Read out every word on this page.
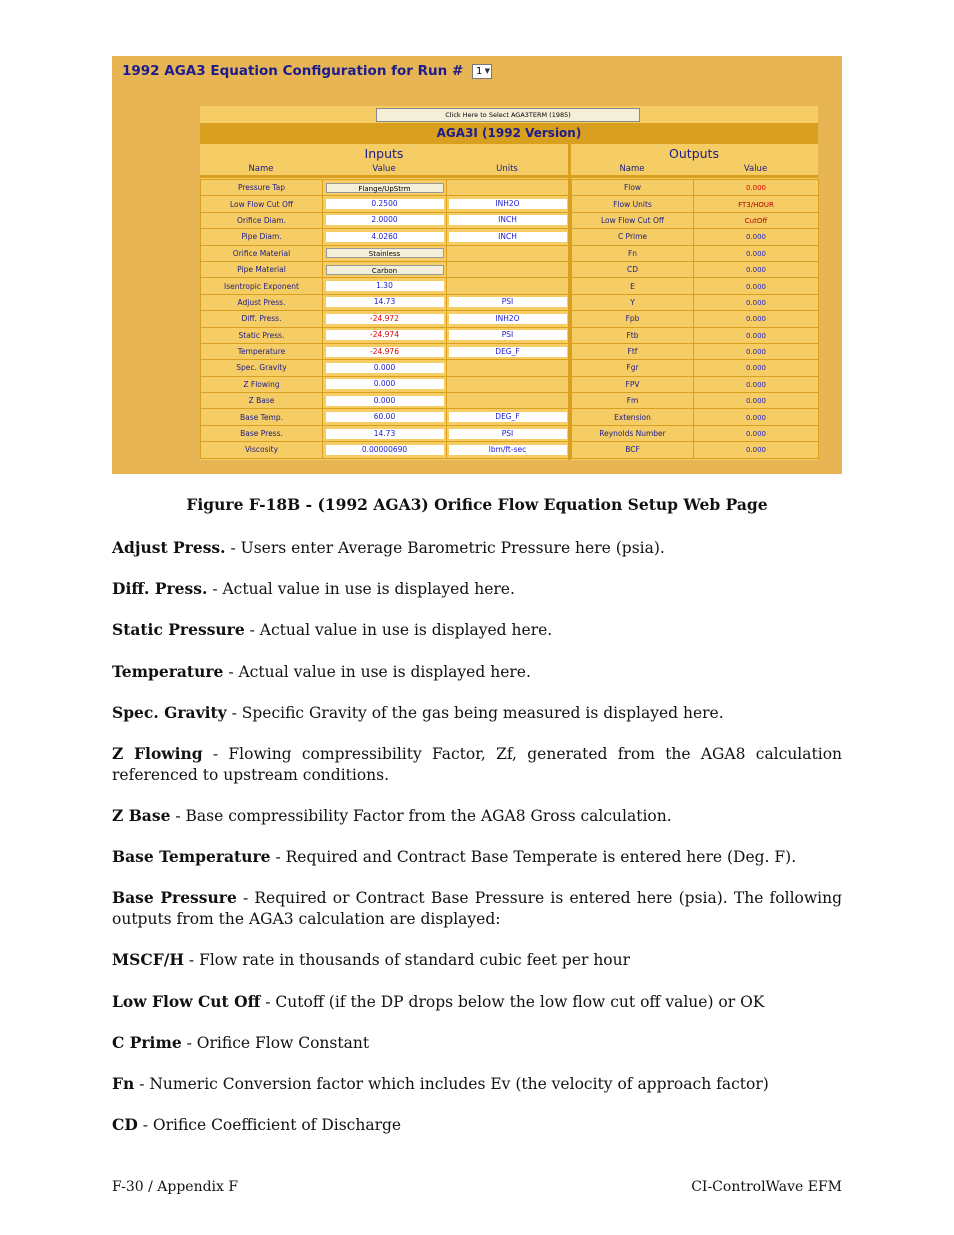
1992 AGA3 Equation Configuration for Run # 1 ▼
Click Here to Select AGA3TERM (1985)
AGA3I (1992 Version)
Inputs	Outputs
Name	Value	Units	Name	Value
Pressure Tap	Flange/UpStrm			Flow	0.000
Low Flow Cut Off	0.2500	INH2O		Flow Units	FT3/HOUR
Orifice Diam.	2.0000	INCH		Low Flow Cut Off	CutOff
Pipe Diam.	4.0260	INCH		C Prime	0.000
Orifice Material	Stainless			Fn	0.000
Pipe Material	Carbon			CD	0.000
Isentropic Exponent	1.30			E	0.000
Adjust Press.	14.73	PSI		Y	0.000
Diff. Press.	-24.972	INH2O		Fpb	0.000
Static Press.	-24.974	PSI		Ftb	0.000
Temperature	-24.976	DEG_F		Ftf	0.000
Spec. Gravity	0.000			Fgr	0.000
Z Flowing	0.000			FPV	0.000
Z Base	0.000			Fm	0.000
Base Temp.	60.00	DEG_F		Extension	0.000
Base Press.	14.73	PSI		Reynolds Number	0.000
Viscosity	0.00000690	lbm/ft-sec		BCF	0.000
Figure F-18B - (1992 AGA3) Orifice Flow Equation Setup Web Page
Adjust Press. - Users enter Average Barometric Pressure here (psia).
Diff. Press. - Actual value in use is displayed here.
Static Pressure - Actual value in use is displayed here.
Temperature - Actual value in use is displayed here.
Spec. Gravity - Specific Gravity of the gas being measured is displayed here.
Z Flowing - Flowing compressibility Factor, Zf, generated from the AGA8 calculation referenced to upstream conditions.
Z Base - Base compressibility Factor from the AGA8 Gross calculation.
Base Temperature - Required and Contract Base Temperate is entered here (Deg. F).
Base Pressure - Required or Contract Base Pressure is entered here (psia). The following outputs from the AGA3 calculation are displayed:
MSCF/H - Flow rate in thousands of standard cubic feet per hour
Low Flow Cut Off - Cutoff (if the DP drops below the low flow cut off value) or OK
C Prime - Orifice Flow Constant
Fn - Numeric Conversion factor which includes Ev (the velocity of approach factor)
CD - Orifice Coefficient of Discharge
F-30 / Appendix F	CI-ControlWave EFM
